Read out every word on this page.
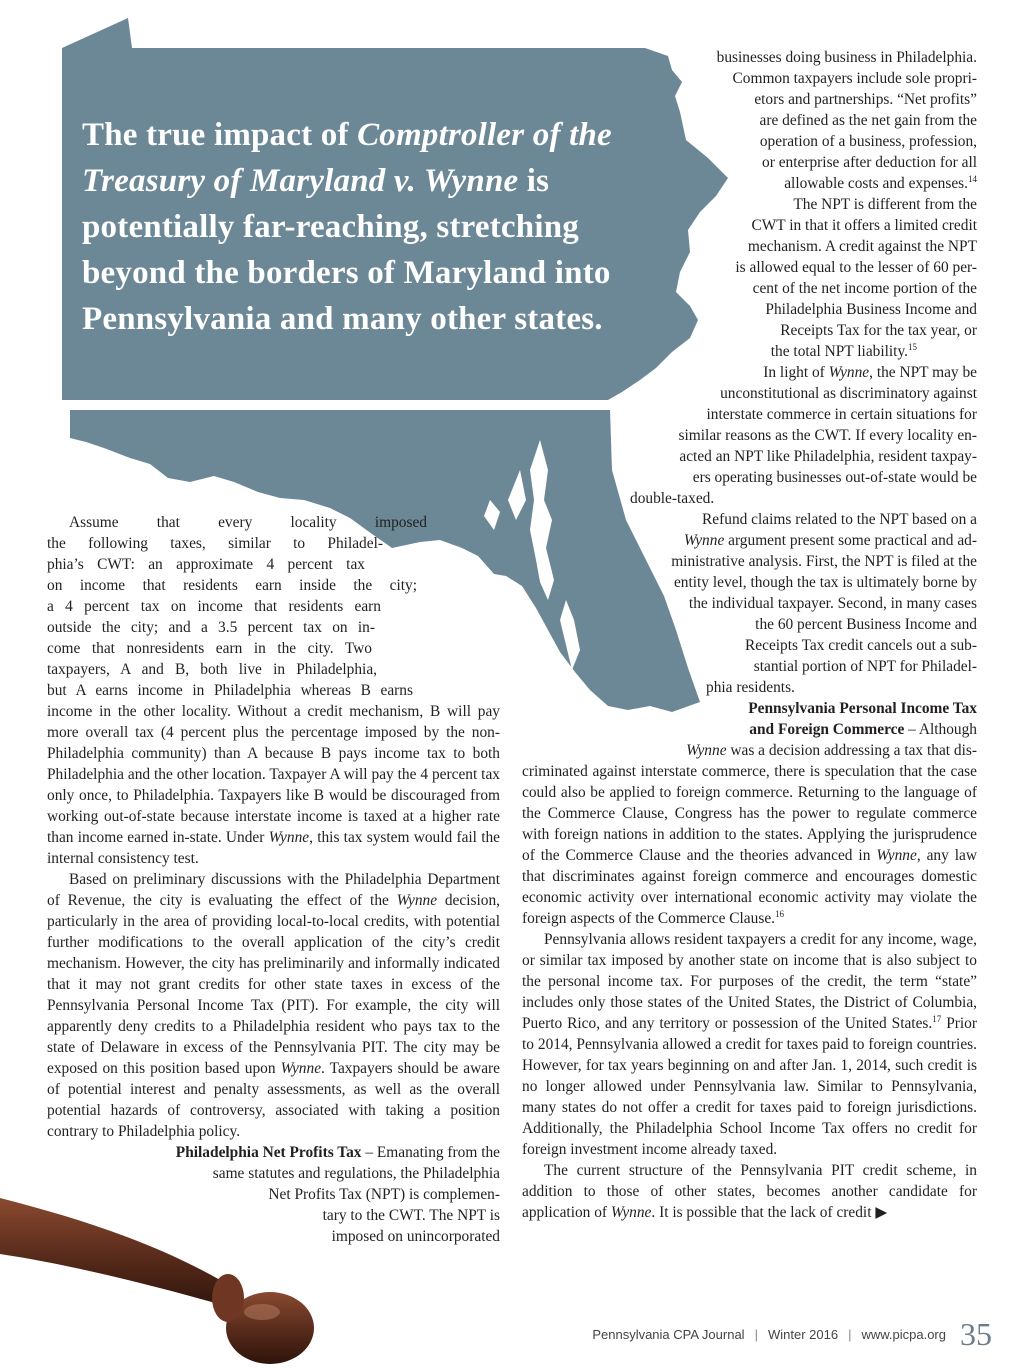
The true impact of Comptroller of the Treasury of Maryland v. Wynne is potentially far-reaching, stretching beyond the borders of Maryland into Pennsylvania and many other states.

Assume that every locality imposed

the following taxes, similar to Philadel-

phia’s CWT: an approximate 4 percent tax

on income that residents earn inside the city;

a 4 percent tax on income that residents earn

outside the city; and a 3.5 percent tax on in-

come that nonresidents earn in the city. Two

taxpayers, A and B, both live in Philadelphia,

but A earns income in Philadelphia whereas B earns

income in the other locality. Without a credit mechanism, B will pay more overall tax (4 percent plus the percentage imposed by the non-Philadelphia community) than A because B pays income tax to both Philadelphia and the other location. Taxpayer A will pay the 4 percent tax only once, to Philadelphia. Taxpayers like B would be discouraged from working out-of-state because interstate income is taxed at a higher rate than income earned in-state. Under Wynne, this tax system would fail the internal consistency test.

Based on preliminary discussions with the Philadelphia Department of Revenue, the city is evaluating the effect of the Wynne decision, particularly in the area of providing local-to-local credits, with potential further modifications to the overall application of the city’s credit mechanism. However, the city has preliminarily and informally indicated that it may not grant credits for other state taxes in excess of the Pennsylvania Personal Income Tax (PIT). For example, the city will apparently deny credits to a Philadelphia resident who pays tax to the state of Delaware in excess of the Pennsylvania PIT. The city may be exposed on this position based upon Wynne. Taxpayers should be aware of potential interest and penalty assessments, as well as the overall potential hazards of controversy, associated with taking a position contrary to Philadelphia policy.

Philadelphia Net Profits Tax – Emanating from the

same statutes and regulations, the Philadelphia

Net Profits Tax (NPT) is complemen-

tary to the CWT. The NPT is

imposed on unincorporated

businesses doing business in Philadelphia.

Common taxpayers include sole propri-

etors and partnerships. “Net profits”

are defined as the net gain from the

operation of a business, profession,

or enterprise after deduction for all

allowable costs and expenses.$^{14}$

The NPT is different from the

CWT in that it offers a limited credit

mechanism. A credit against the NPT

is allowed equal to the lesser of 60 per-

cent of the net income portion of the

Philadelphia Business Income and

Receipts Tax for the tax year, or

the total NPT liability.$^{15}$

In light of Wynne, the NPT may be

unconstitutional as discriminatory against

interstate commerce in certain situations for

similar reasons as the CWT. If every locality en-

acted an NPT like Philadelphia, resident taxpay-

ers operating businesses out-of-state would be

double-taxed.

Refund claims related to the NPT based on a

Wynne argument present some practical and ad-

ministrative analysis. First, the NPT is filed at the

entity level, though the tax is ultimately borne by

the individual taxpayer. Second, in many cases

the 60 percent Business Income and

Receipts Tax credit cancels out a sub-

stantial portion of NPT for Philadel-

phia residents.

Pennsylvania Personal Income Tax

and Foreign Commerce – Although

Wynne was a decision addressing a tax that dis-

criminated against interstate commerce, there is speculation that the case could also be applied to foreign commerce. Returning to the language of the Commerce Clause, Congress has the power to regulate commerce with foreign nations in addition to the states. Applying the jurisprudence of the Commerce Clause and the theories advanced in Wynne, any law that discriminates against foreign commerce and encourages domestic economic activity over international economic activity may violate the foreign aspects of the Commerce Clause.$^{16}$

Pennsylvania allows resident taxpayers a credit for any income, wage, or similar tax imposed by another state on income that is also subject to the personal income tax. For purposes of the credit, the term “state” includes only those states of the United States, the District of Columbia, Puerto Rico, and any territory or possession of the United States.$^{17}$ Prior to 2014, Pennsylvania allowed a credit for taxes paid to foreign countries. However, for tax years beginning on and after Jan. 1, 2014, such credit is no longer allowed under Pennsylvania law. Similar to Pennsylvania, many states do not offer a credit for taxes paid to foreign jurisdictions. Additionally, the Philadelphia School Income Tax offers no credit for foreign investment income already taxed.

The current structure of the Pennsylvania PIT credit scheme, in addition to those of other states, becomes another candidate for application of Wynne. It is possible that the lack of credit ▶

Pennsylvania CPA Journal | Winter 2016 | www.picpa.org 35
